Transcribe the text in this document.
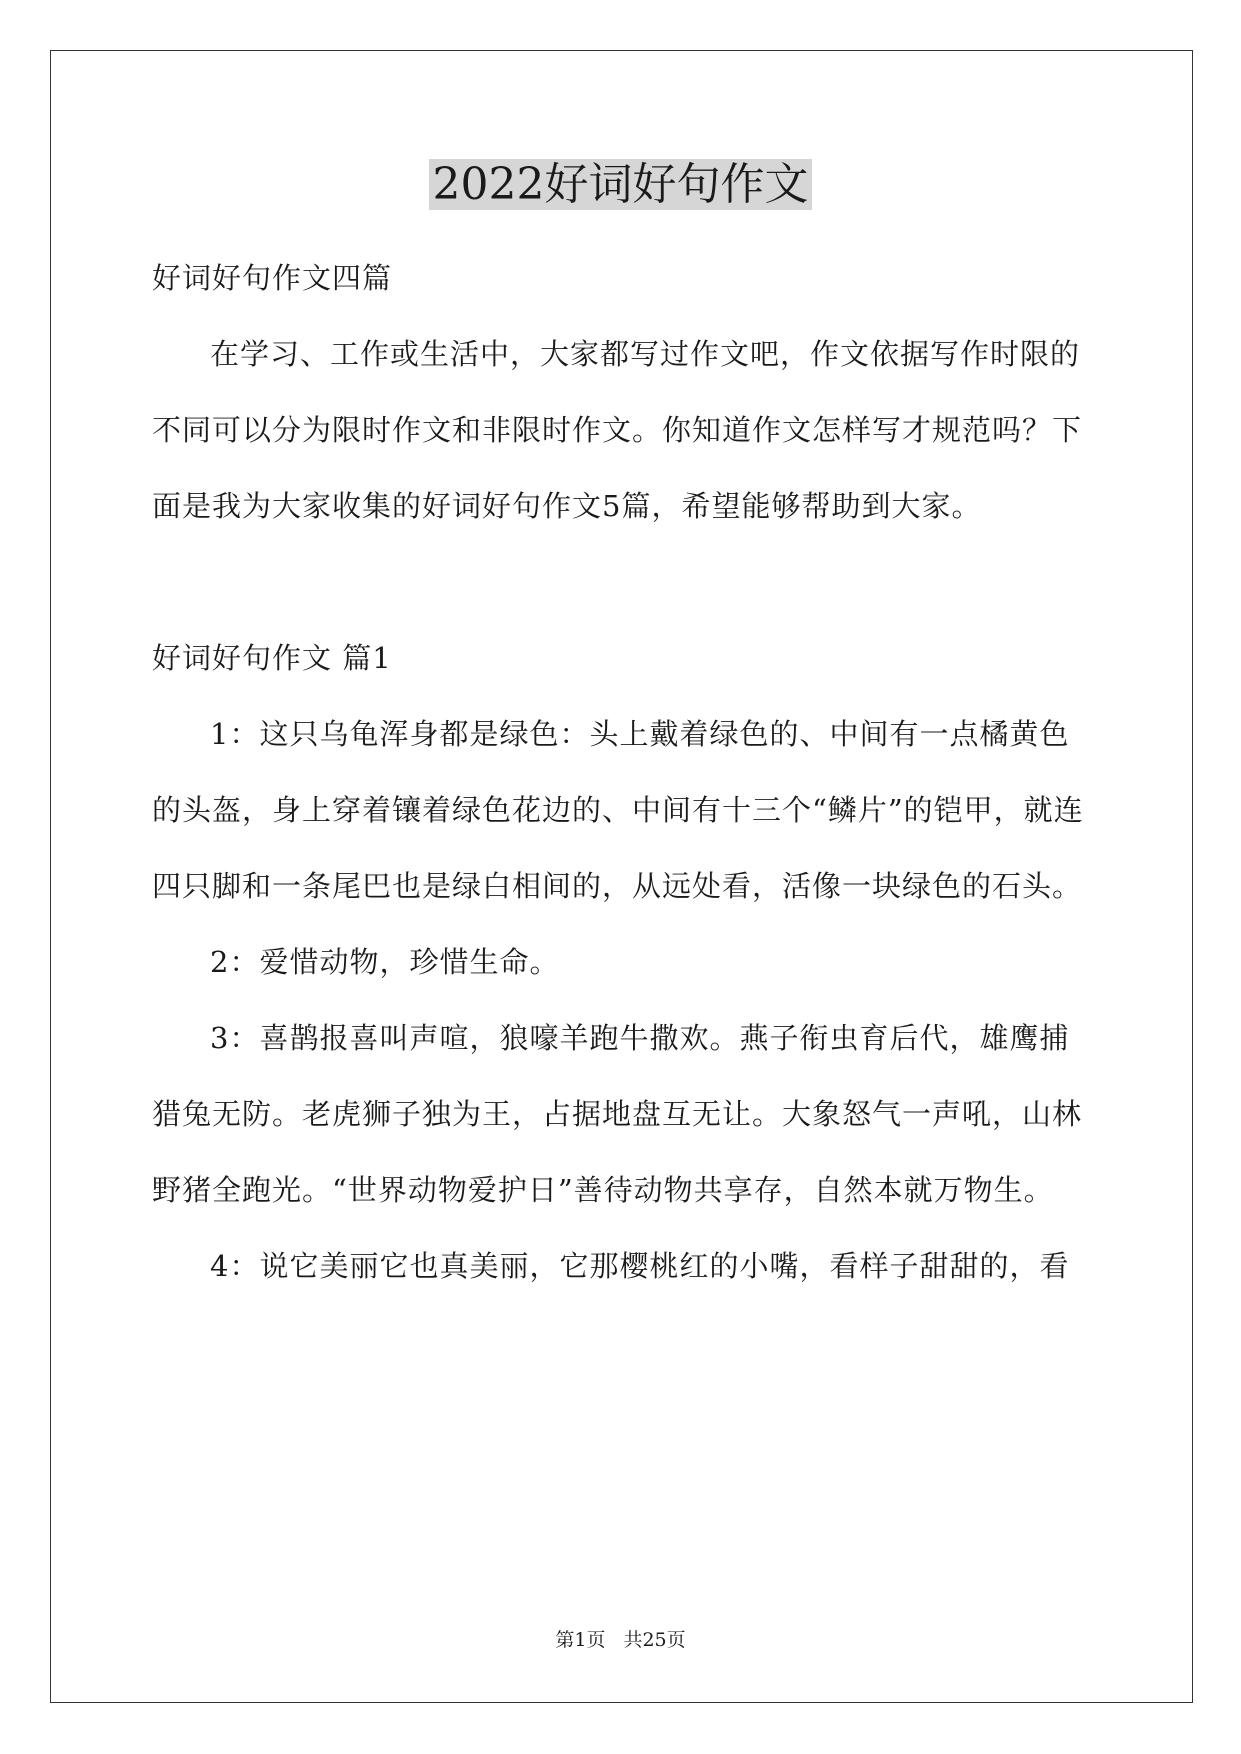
2022好词好句作文

好词好句作文四篇

在学习、工作或生活中，大家都写过作文吧，作文依据写作时限的不同可以分为限时作文和非限时作文。你知道作文怎样写才规范吗？下面是我为大家收集的好词好句作文5篇，希望能够帮助到大家。

好词好句作文 篇1

1：这只乌龟浑身都是绿色：头上戴着绿色的、中间有一点橘黄色的头盔，身上穿着镶着绿色花边的、中间有十三个“鳞片”的铠甲，就连四只脚和一条尾巴也是绿白相间的，从远处看，活像一块绿色的石头。

2：爱惜动物，珍惜生命。

3：喜鹊报喜叫声喧，狼嚎羊跑牛撒欢。燕子衔虫育后代，雄鹰捕猎兔无防。老虎狮子独为王，占据地盘互无让。大象怒气一声吼，山林野猪全跑光。“世界动物爱护日”善待动物共享存，自然本就万物生。

4：说它美丽它也真美丽，它那樱桃红的小嘴，看样子甜甜的，看

第1页 共25页
